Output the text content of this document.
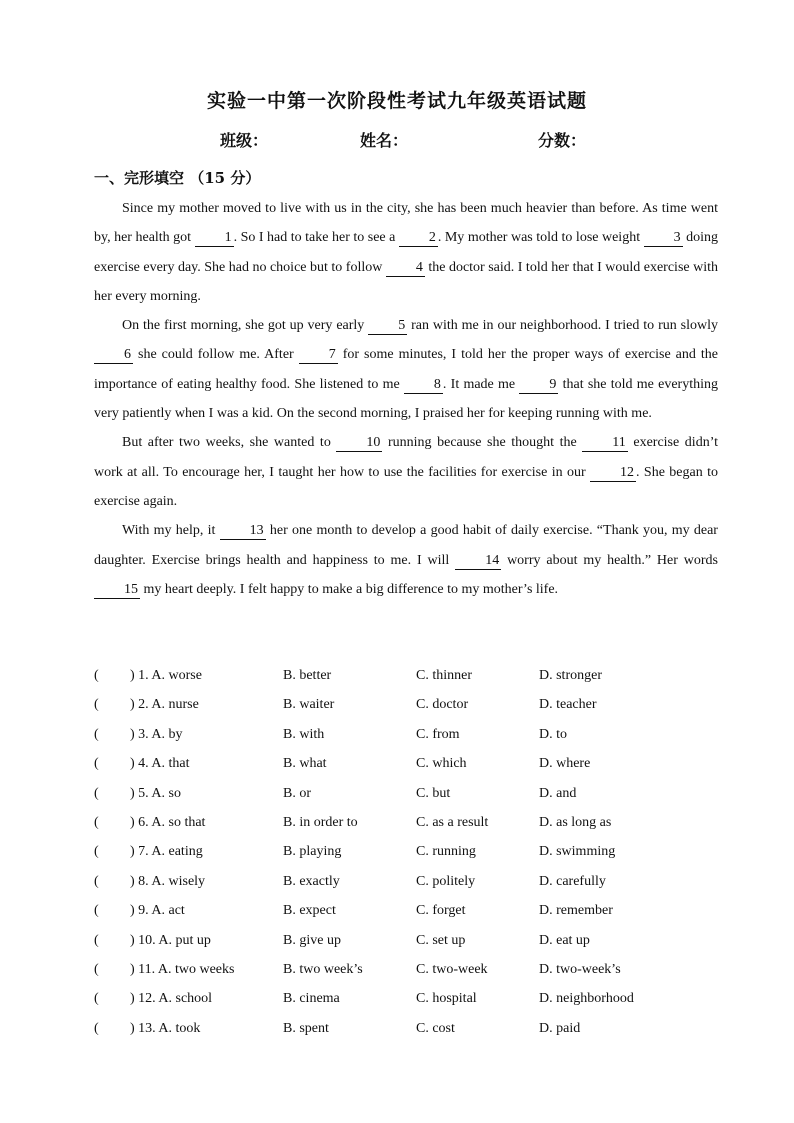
实验一中第一次阶段性考试九年级英语试题
班级：	姓名：	分数：
一、完形填空 （15 分）

Since my mother moved to live with us in the city, she has been much heavier than before. As time went by, her health got 1 . So I had to take her to see a 2 . My mother was told to lose weight 3 doing exercise every day. She had no choice but to follow 4 the doctor said. I told her that I would exercise with her every morning.

On the first morning, she got up very early 5 ran with me in our neighborhood. I tried to run slowly 6 she could follow me. After 7 for some minutes, I told her the proper ways of exercise and the importance of eating healthy food. She listened to me 8 . It made me 9 that she told me everything very patiently when I was a kid. On the second morning, I praised her for keeping running with me.

But after two weeks, she wanted to 10 running because she thought the 11 exercise didn’t work at all. To encourage her, I taught her how to use the facilities for exercise in our 12 . She began to exercise again.

With my help, it 13 her one month to develop a good habit of daily exercise. “Thank you, my dear daughter. Exercise brings health and happiness to me. I will 14 worry about my health.” Her words 15 my heart deeply. I felt happy to make a big difference to my mother’s life.

( ) 1. A. worse	B. better	C. thinner	D. stronger
( ) 2. A. nurse	B. waiter	C. doctor	D. teacher
( ) 3. A. by	B. with	C. from	D. to
( ) 4. A. that	B. what	C. which	D. where
( ) 5. A. so	B. or	C. but	D. and
( ) 6. A. so that	B. in order to	C. as a result	D. as long as
( ) 7. A. eating	B. playing	C. running	D. swimming
( ) 8. A. wisely	B. exactly	C. politely	D. carefully
( ) 9. A. act	B. expect	C. forget	D. remember
( ) 10. A. put up	B. give up	C. set up	D. eat up
( ) 11. A. two weeks	B. two week’s	C. two-week	D. two-week’s
( ) 12. A. school	B. cinema	C. hospital	D. neighborhood
( ) 13. A. took	B. spent	C. cost	D. paid
